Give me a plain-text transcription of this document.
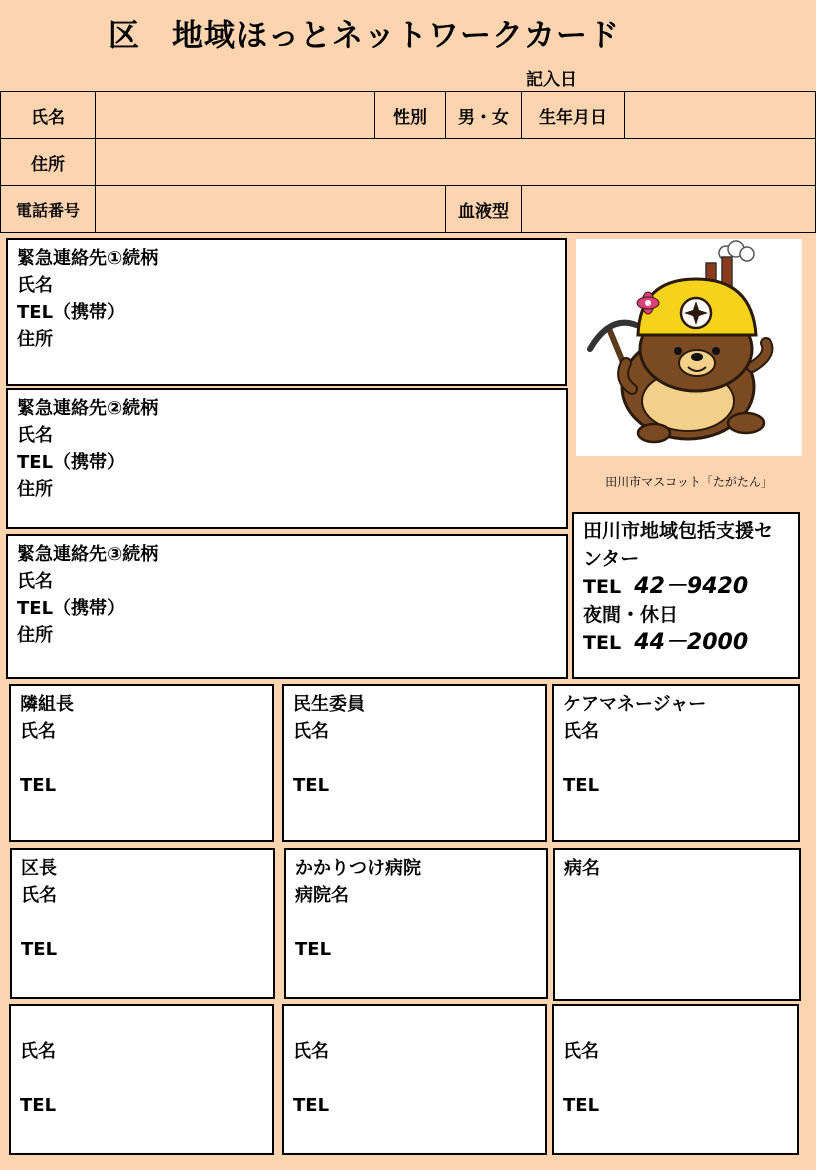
区　地域ほっとネットワークカード
記入日
氏名		性別	男・女	生年月日	
住所					
電話番号			血液型		
緊急連絡先①続柄
氏名
TEL（携帯）
住所
緊急連絡先②続柄
氏名
TEL（携帯）
住所
緊急連絡先③続柄
氏名
TEL（携帯）
住所
田川市マスコット「たがたん」
田川市地域包括支援センター
TEL 42－9420
夜間・休日
TEL 44－2000
隣組長
氏名
TEL
民生委員
氏名
TEL
ケアマネージャー
氏名
TEL
区長
氏名
TEL
かかりつけ病院
病院名
TEL
病名
氏名
TEL
氏名
TEL
氏名
TEL
